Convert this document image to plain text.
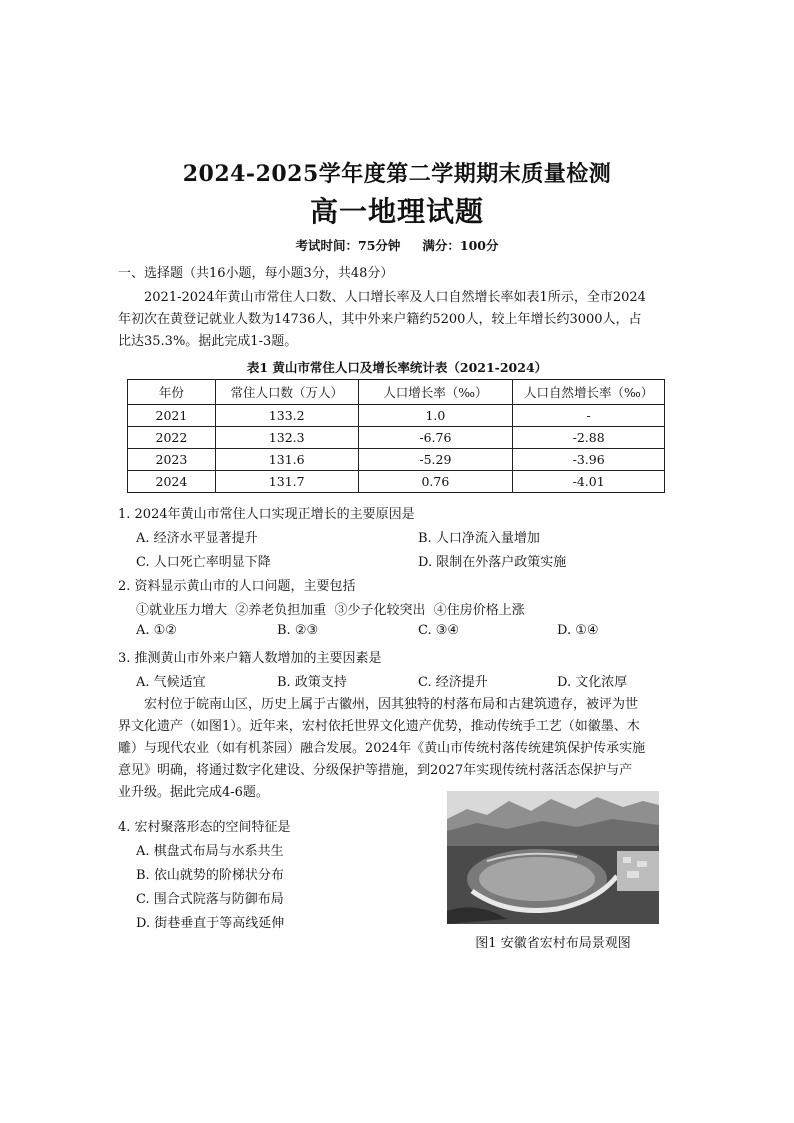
2024-2025学年度第二学期期末质量检测
高一地理试题
考试时间：75分钟 满分：100分
一、选择题（共16小题，每小题3分，共48分）
2021-2024年黄山市常住人口数、人口增长率及人口自然增长率如表1所示，全市2024
年初次在黄登记就业人数为14736人，其中外来户籍约5200人，较上年增长约3000人，占
比达35.3%。据此完成1-3题。
表1 黄山市常住人口及增长率统计表（2021-2024）
年份	常住人口数（万人）	人口增长率（‰）	人口自然增长率（‰）
2021	133.2	1.0	-
2022	132.3	-6.76	-2.88
2023	131.6	-5.29	-3.96
2024	131.7	0.76	-4.01
1. 2024年黄山市常住人口实现正增长的主要原因是
A. 经济水平显著提升	B. 人口净流入量增加
C. 人口死亡率明显下降	D. 限制在外落户政策实施
2. 资料显示黄山市的人口问题，主要包括
①就业压力增大  ②养老负担加重  ③少子化较突出  ④住房价格上涨
A. ①②	B. ②③	C. ③④	D. ①④
3. 推测黄山市外来户籍人数增加的主要因素是
A. 气候适宜	B. 政策支持	C. 经济提升	D. 文化浓厚
宏村位于皖南山区，历史上属于古徽州，因其独特的村落布局和古建筑遗存，被评为世
界文化遗产（如图1）。近年来，宏村依托世界文化遗产优势，推动传统手工艺（如徽墨、木
雕）与现代农业（如有机茶园）融合发展。2024年《黄山市传统村落传统建筑保护传承实施
意见》明确，将通过数字化建设、分级保护等措施，到2027年实现传统村落活态保护与产
业升级。据此完成4-6题。
4. 宏村聚落形态的空间特征是
A. 棋盘式布局与水系共生
B. 依山就势的阶梯状分布
C. 围合式院落与防御布局
D. 街巷垂直于等高线延伸
图1 安徽省宏村布局景观图
